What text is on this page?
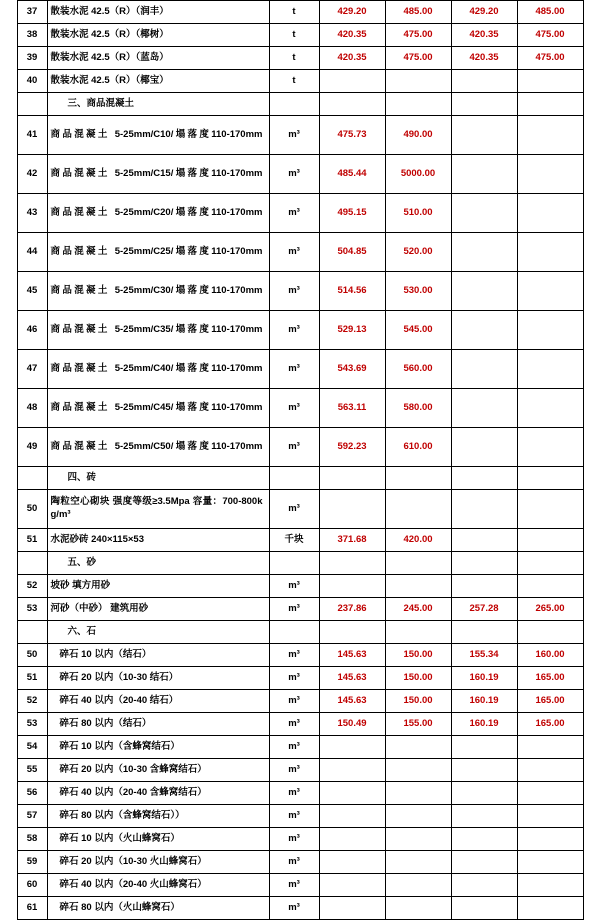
37	散装水泥 42.5（R）（润丰）	t	429.20	485.00	429.20	485.00
38	散装水泥 42.5（R）（椰树）	t	420.35	475.00	420.35	475.00
39	散装水泥 42.5（R）（蓝岛）	t	420.35	475.00	420.35	475.00
40	散装水泥 42.5（R）（椰宝）	t				
	三、商品混凝土					
41	商品混凝土 5-25mm/C10/塌落度110-170mm	m³	475.73	490.00		
42	商品混凝土 5-25mm/C15/塌落度110-170mm	m³	485.44	5000.00		
43	商品混凝土 5-25mm/C20/塌落度110-170mm	m³	495.15	510.00		
44	商品混凝土 5-25mm/C25/塌落度110-170mm	m³	504.85	520.00		
45	商品混凝土 5-25mm/C30/塌落度110-170mm	m³	514.56	530.00		
46	商品混凝土 5-25mm/C35/塌落度110-170mm	m³	529.13	545.00		
47	商品混凝土 5-25mm/C40/塌落度110-170mm	m³	543.69	560.00		
48	商品混凝土 5-25mm/C45/塌落度110-170mm	m³	563.11	580.00		
49	商品混凝土 5-25mm/C50/塌落度110-170mm	m³	592.23	610.00		
	四、砖					
50	陶粒空心砌块 强度等级≥3.5Mpa 容量：700-800kg/m³	m³				
51	水泥砂砖 240×115×53	千块	371.68	420.00		
	五、砂					
52	坡砂 填方用砂	m³				
53	河砂（中砂） 建筑用砂	m³	237.86	245.00	257.28	265.00
	六、石					
50	碎石 10 以内（结石）	m³	145.63	150.00	155.34	160.00
51	碎石 20 以内（10-30 结石）	m³	145.63	150.00	160.19	165.00
52	碎石 40 以内（20-40 结石）	m³	145.63	150.00	160.19	165.00
53	碎石 80 以内（结石）	m³	150.49	155.00	160.19	165.00
54	碎石 10 以内（含蜂窝结石）	m³				
55	碎石 20 以内（10-30 含蜂窝结石）	m³				
56	碎石 40 以内（20-40 含蜂窝结石）	m³				
57	碎石 80 以内（含蜂窝结石））	m³				
58	碎石 10 以内（火山蜂窝石）	m³				
59	碎石 20 以内（10-30 火山蜂窝石）	m³				
60	碎石 40 以内（20-40 火山蜂窝石）	m³				
61	碎石 80 以内（火山蜂窝石）	m³				
